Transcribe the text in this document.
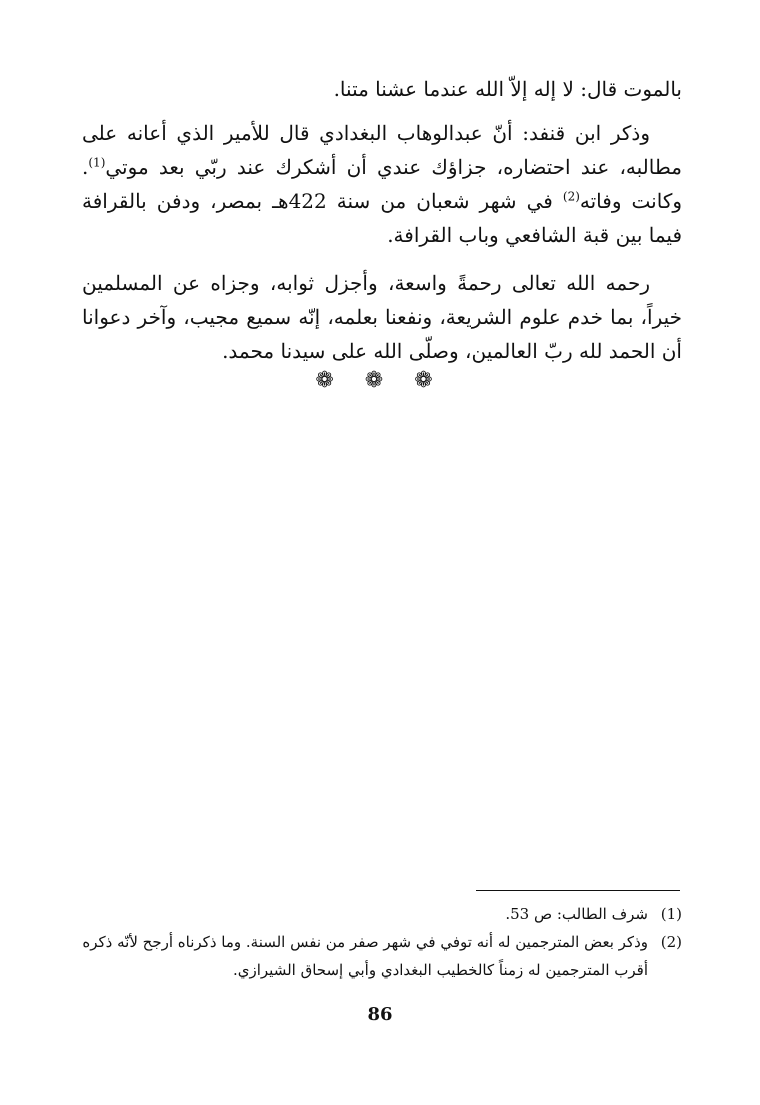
بالموت قال: لا إله إلاّ الله عندما عشنا متنا.

وذكر ابن قنفد: أنّ عبدالوهاب البغدادي قال للأمير الذي أعانه على مطالبه، عند احتضاره، جزاؤك عندي أن أشكرك عند ربّي بعد موتي$^{(1)}$. وكانت وفاته$^{(2)}$ في شهر شعبان من سنة 422هـ بمصر، ودفن بالقرافة فيما بين قبة الشافعي وباب القرافة.

رحمه الله تعالى رحمةً واسعة، وأجزل ثوابه، وجزاه عن المسلمين خيراً، بما خدم علوم الشريعة، ونفعنا بعلمه، إنّه سميع مجيب، وآخر دعوانا أن الحمد لله ربّ العالمين، وصلّى الله على سيدنا محمد.

❁ ❁ ❁
(1)
شرف الطالب: ص 53.
(2)
وذكر بعض المترجمين له أنه توفي في شهر صفر من نفس السنة. وما ذكرناه أرجح لأنّه ذكره أقرب المترجمين له زمناً كالخطيب البغدادي وأبي إسحاق الشيرازي.
86
